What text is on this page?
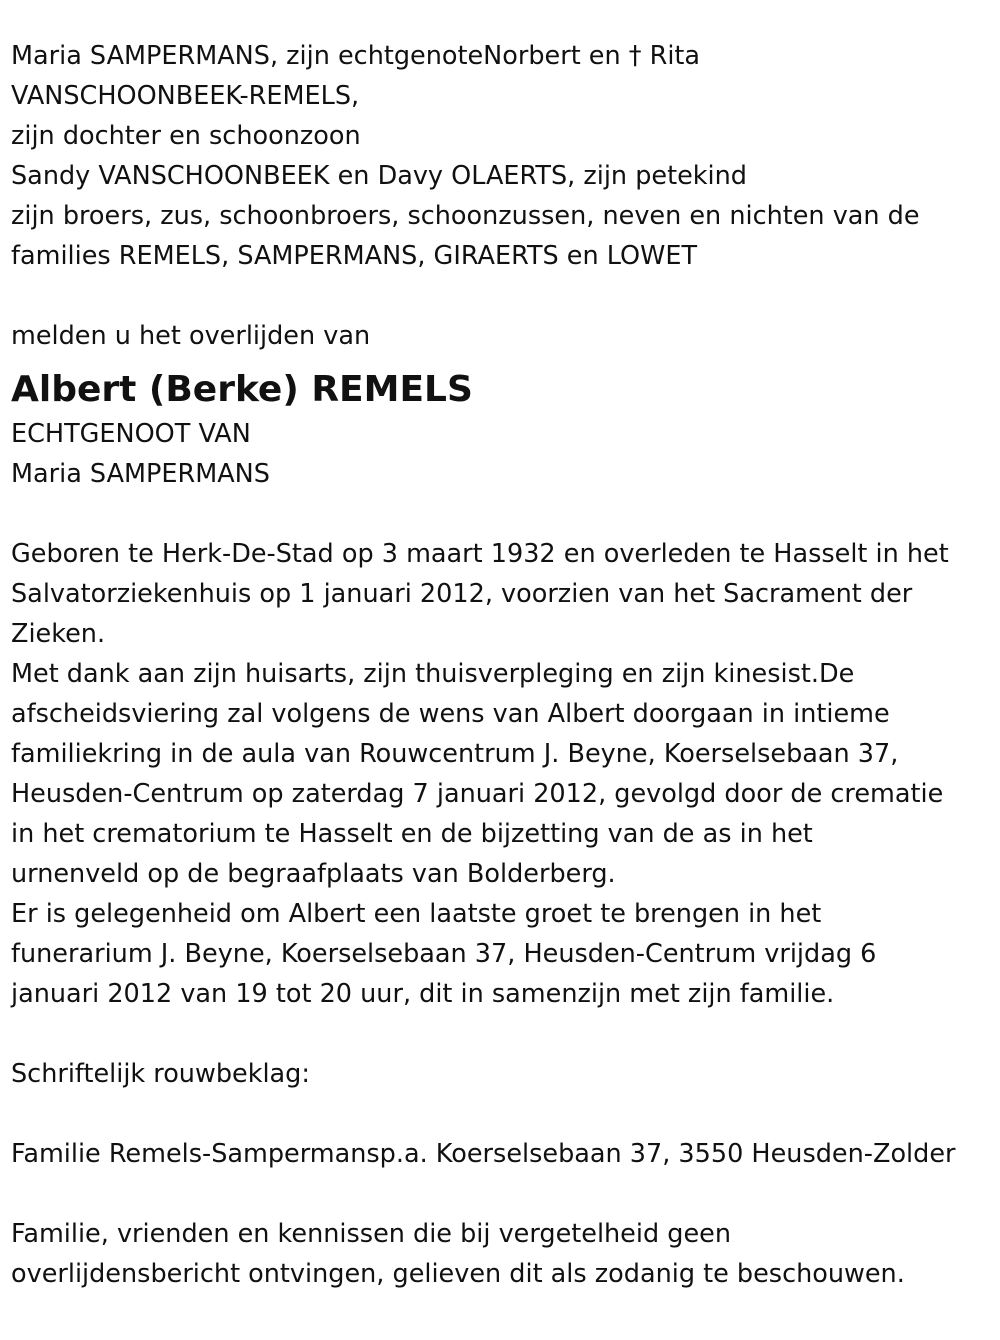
Maria SAMPERMANS, zijn echtgenoteNorbert en † Rita

VANSCHOONBEEK-REMELS,

zijn dochter en schoonzoon

Sandy VANSCHOONBEEK en Davy OLAERTS, zijn petekind

zijn broers, zus, schoonbroers, schoonzussen, neven en nichten van de

families REMELS, SAMPERMANS, GIRAERTS en LOWET

melden u het overlijden van

Albert (Berke) REMELS

ECHTGENOOT VAN

Maria SAMPERMANS

Geboren te Herk-De-Stad op 3 maart 1932 en overleden te Hasselt in het

Salvatorziekenhuis op 1 januari 2012, voorzien van het Sacrament der

Zieken.

Met dank aan zijn huisarts, zijn thuisverpleging en zijn kinesist.De

afscheidsviering zal volgens de wens van Albert doorgaan in intieme

familiekring in de aula van Rouwcentrum J. Beyne, Koerselsebaan 37,

Heusden-Centrum op zaterdag 7 januari 2012, gevolgd door de crematie

in het crematorium te Hasselt en de bijzetting van de as in het

urnenveld op de begraafplaats van Bolderberg.

Er is gelegenheid om Albert een laatste groet te brengen in het

funerarium J. Beyne, Koerselsebaan 37, Heusden-Centrum vrijdag 6

januari 2012 van 19 tot 20 uur, dit in samenzijn met zijn familie.

Schriftelijk rouwbeklag:

Familie Remels-Sampermansp.a. Koerselsebaan 37, 3550 Heusden-Zolder

Familie, vrienden en kennissen die bij vergetelheid geen

overlijdensbericht ontvingen, gelieven dit als zodanig te beschouwen.
